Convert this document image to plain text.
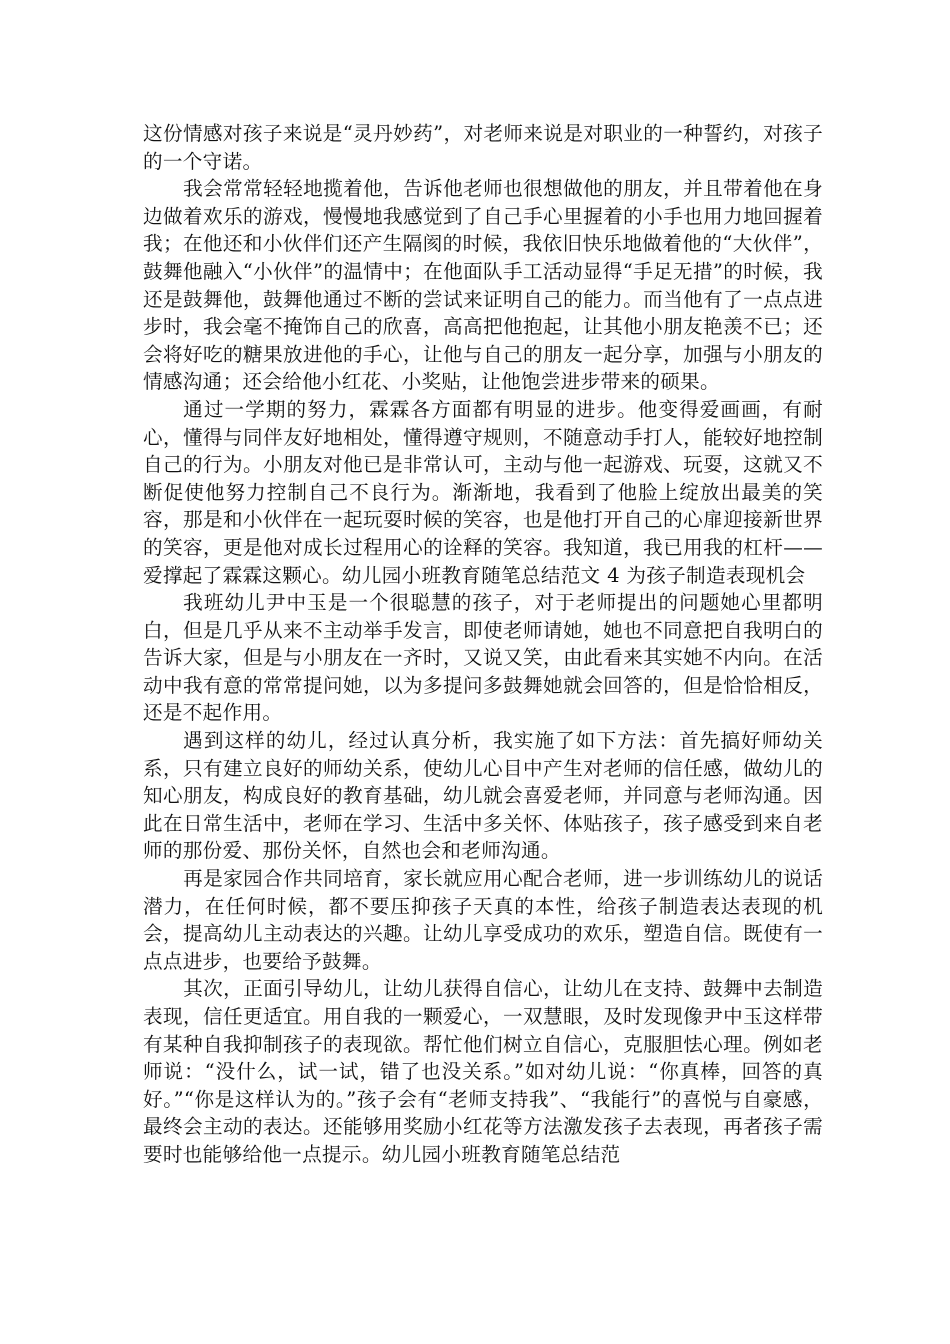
这份情感对孩子来说是“灵丹妙药”，对老师来说是对职业的一种誓约，对孩子的一个守诺。

我会常常轻轻地揽着他，告诉他老师也很想做他的朋友，并且带着他在身边做着欢乐的游戏，慢慢地我感觉到了自己手心里握着的小手也用力地回握着我；在他还和小伙伴们还产生隔阂的时候，我依旧快乐地做着他的“大伙伴”，鼓舞他融入“小伙伴”的温情中；在他面队手工活动显得“手足无措”的时候，我还是鼓舞他，鼓舞他通过不断的尝试来证明自己的能力。而当他有了一点点进步时，我会毫不掩饰自己的欣喜，高高把他抱起，让其他小朋友艳羡不已；还会将好吃的糖果放进他的手心，让他与自己的朋友一起分享，加强与小朋友的情感沟通；还会给他小红花、小奖贴，让他饱尝进步带来的硕果。

通过一学期的努力，霖霖各方面都有明显的进步。他变得爱画画，有耐心，懂得与同伴友好地相处，懂得遵守规则，不随意动手打人，能较好地控制自己的行为。小朋友对他已是非常认可，主动与他一起游戏、玩耍，这就又不断促使他努力控制自己不良行为。渐渐地，我看到了他脸上绽放出最美的笑容，那是和小伙伴在一起玩耍时候的笑容，也是他打开自己的心扉迎接新世界的笑容，更是他对成长过程用心的诠释的笑容。我知道，我已用我的杠杆——爱撑起了霖霖这颗心。幼儿园小班教育随笔总结范文 4 为孩子制造表现机会

我班幼儿尹中玉是一个很聪慧的孩子，对于老师提出的问题她心里都明白，但是几乎从来不主动举手发言，即使老师请她，她也不同意把自我明白的告诉大家，但是与小朋友在一齐时，又说又笑，由此看来其实她不内向。在活动中我有意的常常提问她，以为多提问多鼓舞她就会回答的，但是恰恰相反，还是不起作用。

遇到这样的幼儿，经过认真分析，我实施了如下方法：首先搞好师幼关系，只有建立良好的师幼关系，使幼儿心目中产生对老师的信任感，做幼儿的知心朋友，构成良好的教育基础，幼儿就会喜爱老师，并同意与老师沟通。因此在日常生活中，老师在学习、生活中多关怀、体贴孩子，孩子感受到来自老师的那份爱、那份关怀，自然也会和老师沟通。

再是家园合作共同培育，家长就应用心配合老师，进一步训练幼儿的说话潜力，在任何时候，都不要压抑孩子天真的本性，给孩子制造表达表现的机会，提高幼儿主动表达的兴趣。让幼儿享受成功的欢乐，塑造自信。既使有一点点进步，也要给予鼓舞。

其次，正面引导幼儿，让幼儿获得自信心，让幼儿在支持、鼓舞中去制造表现，信任更适宜。用自我的一颗爱心，一双慧眼，及时发现像尹中玉这样带有某种自我抑制孩子的表现欲。帮忙他们树立自信心，克服胆怯心理。例如老师说：“没什么，试一试，错了也没关系。”如对幼儿说：“你真棒，回答的真好。”“你是这样认为的。”孩子会有“老师支持我”、“我能行”的喜悦与自豪感，最终会主动的表达。还能够用奖励小红花等方法激发孩子去表现，再者孩子需要时也能够给他一点提示。幼儿园小班教育随笔总结范
